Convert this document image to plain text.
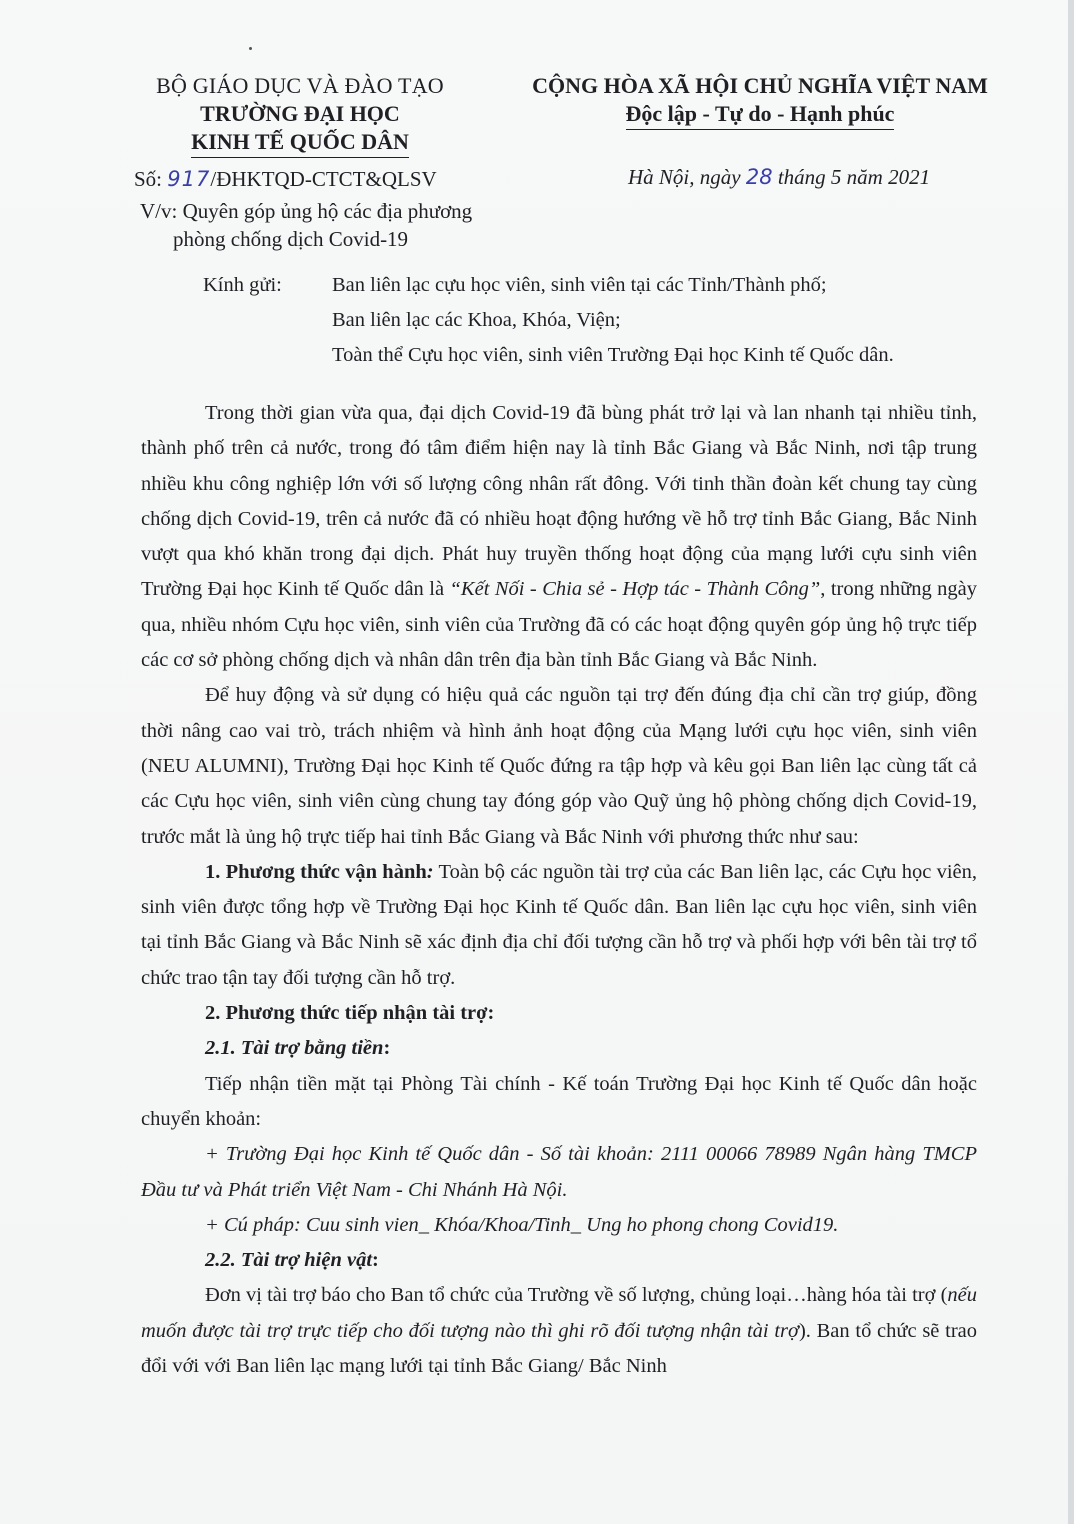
BỘ GIÁO DỤC VÀ ĐÀO TẠO
TRƯỜNG ĐẠI HỌC
KINH TẾ QUỐC DÂN
CỘNG HÒA XÃ HỘI CHỦ NGHĨA VIỆT NAM
Độc lập - Tự do - Hạnh phúc
Số: 917/ĐHKTQD-CTCT&QLSV
V/v: Quyên góp ủng hộ các địa phương
phòng chống dịch Covid-19
Hà Nội, ngày 28 tháng 5 năm 2021
Kính gửi:	Ban liên lạc cựu học viên, sinh viên tại các Tỉnh/Thành phố;
Ban liên lạc các Khoa, Khóa, Viện;
Toàn thể Cựu học viên, sinh viên Trường Đại học Kinh tế Quốc dân.

Trong thời gian vừa qua, đại dịch Covid-19 đã bùng phát trở lại và lan nhanh tại nhiều tỉnh, thành phố trên cả nước, trong đó tâm điểm hiện nay là tỉnh Bắc Giang và Bắc Ninh, nơi tập trung nhiều khu công nghiệp lớn với số lượng công nhân rất đông. Với tinh thần đoàn kết chung tay cùng chống dịch Covid-19, trên cả nước đã có nhiều hoạt động hướng về hỗ trợ tỉnh Bắc Giang, Bắc Ninh vượt qua khó khăn trong đại dịch. Phát huy truyền thống hoạt động của mạng lưới cựu sinh viên Trường Đại học Kinh tế Quốc dân là “Kết Nối - Chia sẻ - Hợp tác - Thành Công”, trong những ngày qua, nhiều nhóm Cựu học viên, sinh viên của Trường đã có các hoạt động quyên góp ủng hộ trực tiếp các cơ sở phòng chống dịch và nhân dân trên địa bàn tỉnh Bắc Giang và Bắc Ninh.

Để huy động và sử dụng có hiệu quả các nguồn tại trợ đến đúng địa chỉ cần trợ giúp, đồng thời nâng cao vai trò, trách nhiệm và hình ảnh hoạt động của Mạng lưới cựu học viên, sinh viên (NEU ALUMNI), Trường Đại học Kinh tế Quốc đứng ra tập hợp và kêu gọi Ban liên lạc cùng tất cả các Cựu học viên, sinh viên cùng chung tay đóng góp vào Quỹ ủng hộ phòng chống dịch Covid-19, trước mắt là ủng hộ trực tiếp hai tỉnh Bắc Giang và Bắc Ninh với phương thức như sau:

1. Phương thức vận hành: Toàn bộ các nguồn tài trợ của các Ban liên lạc, các Cựu học viên, sinh viên được tổng hợp về Trường Đại học Kinh tế Quốc dân. Ban liên lạc cựu học viên, sinh viên tại tỉnh Bắc Giang và Bắc Ninh sẽ xác định địa chỉ đối tượng cần hỗ trợ và phối hợp với bên tài trợ tổ chức trao tận tay đối tượng cần hỗ trợ.

2. Phương thức tiếp nhận tài trợ:

2.1. Tài trợ bằng tiền:

Tiếp nhận tiền mặt tại Phòng Tài chính - Kế toán Trường Đại học Kinh tế Quốc dân hoặc chuyển khoản:

+ Trường Đại học Kinh tế Quốc dân - Số tài khoản: 2111 00066 78989 Ngân hàng TMCP Đầu tư và Phát triển Việt Nam - Chi Nhánh Hà Nội.

+ Cú pháp: Cuu sinh vien_ Khóa/Khoa/Tinh_ Ung ho phong chong Covid19.

2.2. Tài trợ hiện vật:

Đơn vị tài trợ báo cho Ban tổ chức của Trường về số lượng, chủng loại…hàng hóa tài trợ (nếu muốn được tài trợ trực tiếp cho đối tượng nào thì ghi rõ đối tượng nhận tài trợ). Ban tổ chức sẽ trao đổi với với Ban liên lạc mạng lưới tại tỉnh Bắc Giang/ Bắc Ninh
